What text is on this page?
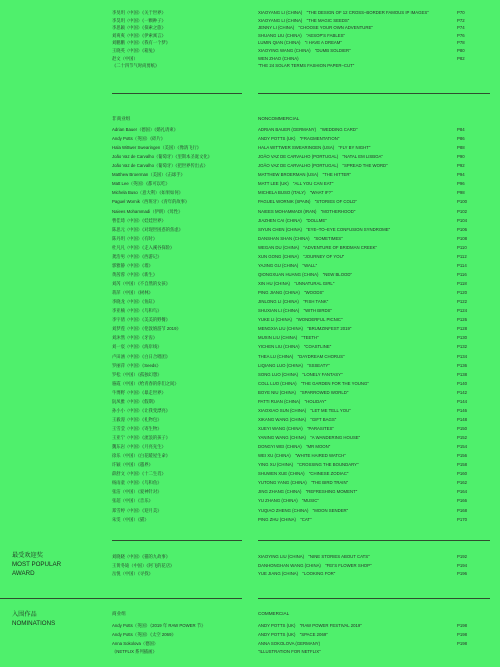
李旻玥（中国）《关于世界》	XIAOYANG LI (CHINA)　"THE DESIGN OF 12 CROSS–BORDER FAMOUS IP IMAGES"	P70
李昊玥（中国）《一颗种子》	XIAOYANG LI (CHINA)　"THE MAGIC SEEDS"	P72
李思颖（中国）《探索之旅》	JENNY LI (CHINA)　"CHOOSE YOUR OWN ADVENTURE"	P74
刘爽爽（中国）《伊索寓言》	SHUANG LIU (CHINA)　"AESOP'S FABLES"	P76
刘鹏鹏（中国）《我有一个梦》	LUMIN QIAN (CHINA)　"I HAVE A DREAM"	P78
王晓英（中国）《箱兔》	XIAOYING WANG (CHINA)　"DUMB SOLDIER"	P80
赵文（中国）	WEN ZHAO (CHINA)	P82
《二十四节气时尚剪纸》	"THE 24 SOLAR TERMS FASHION PAPER–CUT"
非商业组	NONCOMMERCIAL
Adrian Bauer（德国）《婚礼请柬》	ADRIAN BAUER (GERMANY)　"WEDDING CARD"	P84
Andy Potts（英国）《碎片》	ANDY POTTS (UK)　"FRAGMENTATION"	P86
Hala Wittwer Swearingen（美国）《像鸽飞行》	HALA WITTWER SWEARINGEN (USA)　"FLY BY NIGHT"	P88
João Vaz de Carvalho（葡萄牙）《里斯本圣诞文化》	JOÃO VAZ DE CARVALHO (PORTUGAL)　"NATAL EM LISBOA"	P90
João Vaz de Carvalho（葡萄牙）《把世界传出去》	JOÃO VAZ DE CARVALHO (PORTUGAL)　"SPREAD THE WORD"	P92
Matthew Broerman（美国）《击球手》	MATTHEW BROERMAN (USA)　"THE HITTER"	P94
Matt Lee（英国）《都可以吃》	MATT LEE (UK)　"ALL YOU CAN EAT"	P96
Michela Buso（意大利）《如果如何》	MICHELA BUSO (ITALY)　"WHAT IF?"	P98
Paguel Wornik（西班牙）《青年的故事》	PAGUEL WORNIK (SPAIN)　"STORIES OF COLD"	P100
Naiees Mohammadi（伊朗）《母性》	NAIEES MOHAMMADI (IRAN)　"MOTHERHOOD"	P102
曹佳琦（中国）《娃娃世界》	JIAZHEN CAI (CHINA)　"DOLLME"	P104
陈思元（中国）《对现世困惑的焦虑》	SIYUN CHEN (CHINA)　"EYE–TO–EYE CONFUSION SYNDROME"	P106
陈丹玥（中国）《有时》	DANSHAN SHAN (CHINA)　"SOMETIMES"	P108
杜凡凡（中国）《走入溪谷探险》	WEGAN DU (CHINA)　"ADVENTURE OF BRIDMAN CREEK"	P110
龚浩男（中国）《西游记》	XUN GONG (CHINA)　"JOURNEY OF YOU"	P112
郭雅静（中国）《墙》	YAJING GU (CHINA)　"WALL"	P114
黄茜蓉（中国）《新生》	QIONGXUAN HUANG (CHINA)　"NEW BLOOD"	P116
刘芮（中国）《不自然的女孩》	XIN HU (CHINA)　"UNNATURAL GIRL"	P118
蒋萍（中国）《树林》	PING JIANG (CHINA)　"WOODS"	P120
李晓龙（中国）《鱼缸》	JINLONG LI (CHINA)　"FISH TANK"	P122
李亚楠（中国）《鸟和鸟》	SHUXIAN LI (CHINA)　"WITH BIRDS"	P124
李宇倩（中国）《美美的野餐》	YUKE LI (CHINA)　"WONDERFUL PICNIC"	P126
刘梦莲（中国）《伦敦嬉游节 2019》	MENGXIA LIU (CHINA)　"BRUMZINFEST 2019"	P128
刘沐然（中国）《牙齿》	MUXIN LIU (CHINA)　"TEETH"	P130
刘一宸（中国）《海岸线》	YICHEN LIU (CHINA)　"COASTLINE"	P132
卢田涵（中国）《白日合唱团》	THEA LU (CHINA)　"DAYDREAM CHORUS"	P134
罗丽萍（中国）《Seeds》	LIQIANG LUO (CHINA)　"SSSEATY"	P136
罗松（中国）《孤独幻想》	SONG LUO (CHINA)　"LONELY FANTASY"	P138
骆霞（中国）《给青春的你们之间》	COLL LUO (CHINA)　"THE GARDEN FOR THE YOUNG"	P140
牛博野（中国）《暴走世界》	BOYE NIU (CHINA)　"SPARROWED WORLD"	P142
阮凤雅（中国）《假期》	PATTI RUAN (CHINA)　"HOLIDAY"	P144
孙小小（中国）《让我变漂亮》	XIAOXIAO SUN (CHINA)　"LET ME TELL YOU"	P146
王毅漫（中国）《礼物包》	XIKANG WANG (CHINA)　"GIFT BAGS"	P148
王雪莹（中国）《寄生物》	XUEYI WANG (CHINA)　"PARASITES"	P150
王亚宁（中国）《流浪的孩子》	YANING WANG (CHINA)　"A WANDERING HOUSE"	P152
魏东岩（中国）《月亮先生》	DONGYI WEI (CHINA)　"MR MOON"	P154
徐乐（中国）《白花暖屋生命》	WEI XU (CHINA)　"WHITE HAIRED WATCH"	P156
许颖（中国）《越界》	YING XU (CHINA)　"CROSSING THE BOUNDARY"	P158
薛舒文（中国）《十二生肖》	SHUWEN XUE (CHINA)　"CHINESE ZODIAC"	P160
杨雨童（中国）《鸟和鱼》	YUTONG YANG (CHINA)　"THE BIRD TRAIN"	P162
张洁（中国）《爱神针对》	JING ZHANG (CHINA)　"REFRESHING MOMENT"	P164
张超（中国）《音乐》	YU ZHANG (CHINA)　"MUSIC"	P166
郑雪婷（中国）《迎月美》	YUQIAO ZHENG (CHINA)　"MOON SENDER"	P168
朱雯（中国）《猫》	PING ZHU (CHINA)　"CAT"	P170
最受欢迎奖
MOST POPULAR
AWARD
刘晓晓（中国）《猫的九故事》	XIAOYING LIU (CHINA)　"NINE STORIES ABOUT CATS"	P192
王黄冬迪（中国）《阿飞的花店》	DANHONGHAN WANG (CHINA)　"FEI'S FLOWER SHOP"	P194
岳悦（中国）《寻找》	YUE JIANG (CHINA)　"LOOKING FOR"	P196
入围作品
NOMINATIONS
商业组	COMMERCIAL
Andy Potts（英国）《2019 年 RAW POWER 节》	ANDY POTTS (UK)　"RAW POWER FESTIVAL 2019"	P198
Andy Potts（英国）《太空 2069》	ANDY POTTS (UK)　"SPACE 2069"	P198
Anna Sokolova（德国）	ANNA SOKOLOVA (GERMANY)	P198
《NETFLIX 系列插画》	"ILLUSTRATION FOR NETFLIX"
